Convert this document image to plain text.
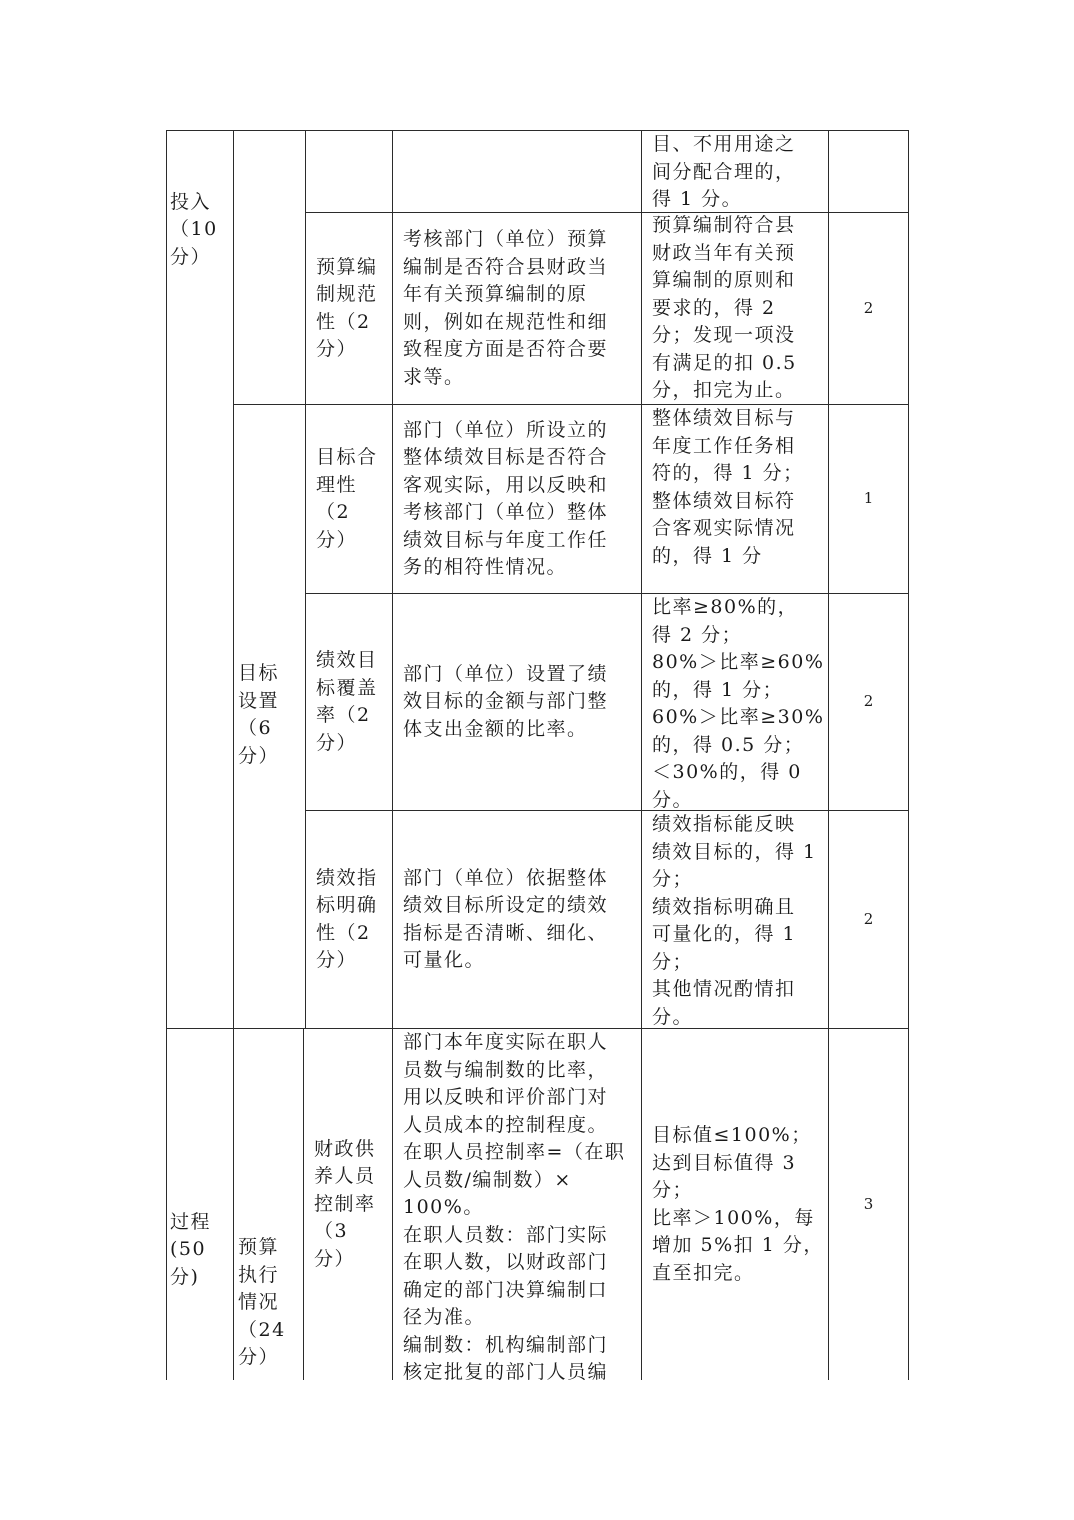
投入
（10
分）
过程
(50
分)
目标
设置
（6
分）
预算
执行
情况
（24
分）
目、不用用途之
间分配合理的，
得 1 分。
预算编
制规范
性（2
分）
考核部门（单位）预算
编制是否符合县财政当
年有关预算编制的原
则，例如在规范性和细
致程度方面是否符合要
求等。
预算编制符合县
财政当年有关预
算编制的原则和
要求的，得 2
分；发现一项没
有满足的扣 0.5
分，扣完为止。
2
目标合
理性
（2
分）
部门（单位）所设立的
整体绩效目标是否符合
客观实际，用以反映和
考核部门（单位）整体
绩效目标与年度工作任
务的相符性情况。
整体绩效目标与
年度工作任务相
符的，得 1 分；
整体绩效目标符
合客观实际情况
的，得 1 分
1
绩效目
标覆盖
率（2
分）
部门（单位）设置了绩
效目标的金额与部门整
体支出金额的比率。
比率≥80%的，
得 2 分；
80%＞比率≥60%
的，得 1 分；
60%＞比率≥30%
的，得 0.5 分；
＜30%的，得 0
分。
2
绩效指
标明确
性（2
分）
部门（单位）依据整体
绩效目标所设定的绩效
指标是否清晰、细化、
可量化。
绩效指标能反映
绩效目标的，得 1
分；
绩效指标明确且
可量化的，得 1
分；
其他情况酌情扣
分。
2
财政供
养人员
控制率
（3
分）
部门本年度实际在职人
员数与编制数的比率，
用以反映和评价部门对
人员成本的控制程度。
在职人员控制率=（在职
人员数/编制数）×
100%。
在职人员数：部门实际
在职人数，以财政部门
确定的部门决算编制口
径为准。
编制数：机构编制部门
核定批复的部门人员编
目标值≤100%；
达到目标值得 3
分；
比率＞100%，每
增加 5%扣 1 分，
直至扣完。
3
